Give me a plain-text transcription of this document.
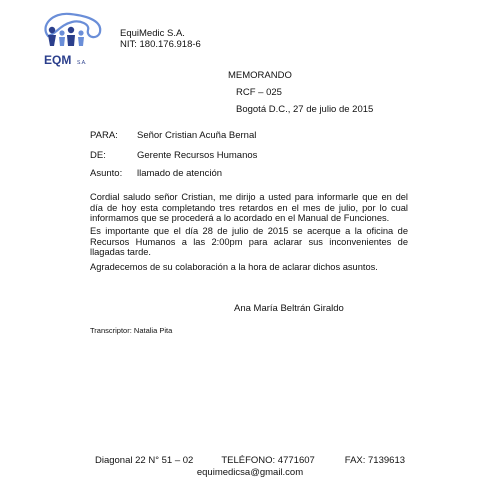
EQM S.A.
EquiMedic S.A.
NIT: 180.176.918-6
MEMORANDO
RCF – 025
Bogotá D.C., 27 de julio de 2015
PARA: Señor Cristian Acuña Bernal
DE:	Gerente Recursos Humanos
Asunto: llamado de atención
Cordial saludo señor Cristian, me dirijo a usted para informarle que en del día de hoy esta completando tres retardos en el mes de julio, por lo cual informamos que se procederá a lo acordado en el Manual de Funciones.
Es importante que el día 28 de julio de 2015 se acerque a la oficina de Recursos Humanos a las 2:00pm para aclarar sus inconvenientes de llagadas tarde.
Agradecemos de su colaboración a la hora de aclarar dichos asuntos.
Ana María Beltrán Giraldo
Transcriptor: Natalia Pita
Diagonal 22 N° 51 – 02	TELÉFONO: 4771607	FAX: 7139613
equimedicsa@gmail.com
